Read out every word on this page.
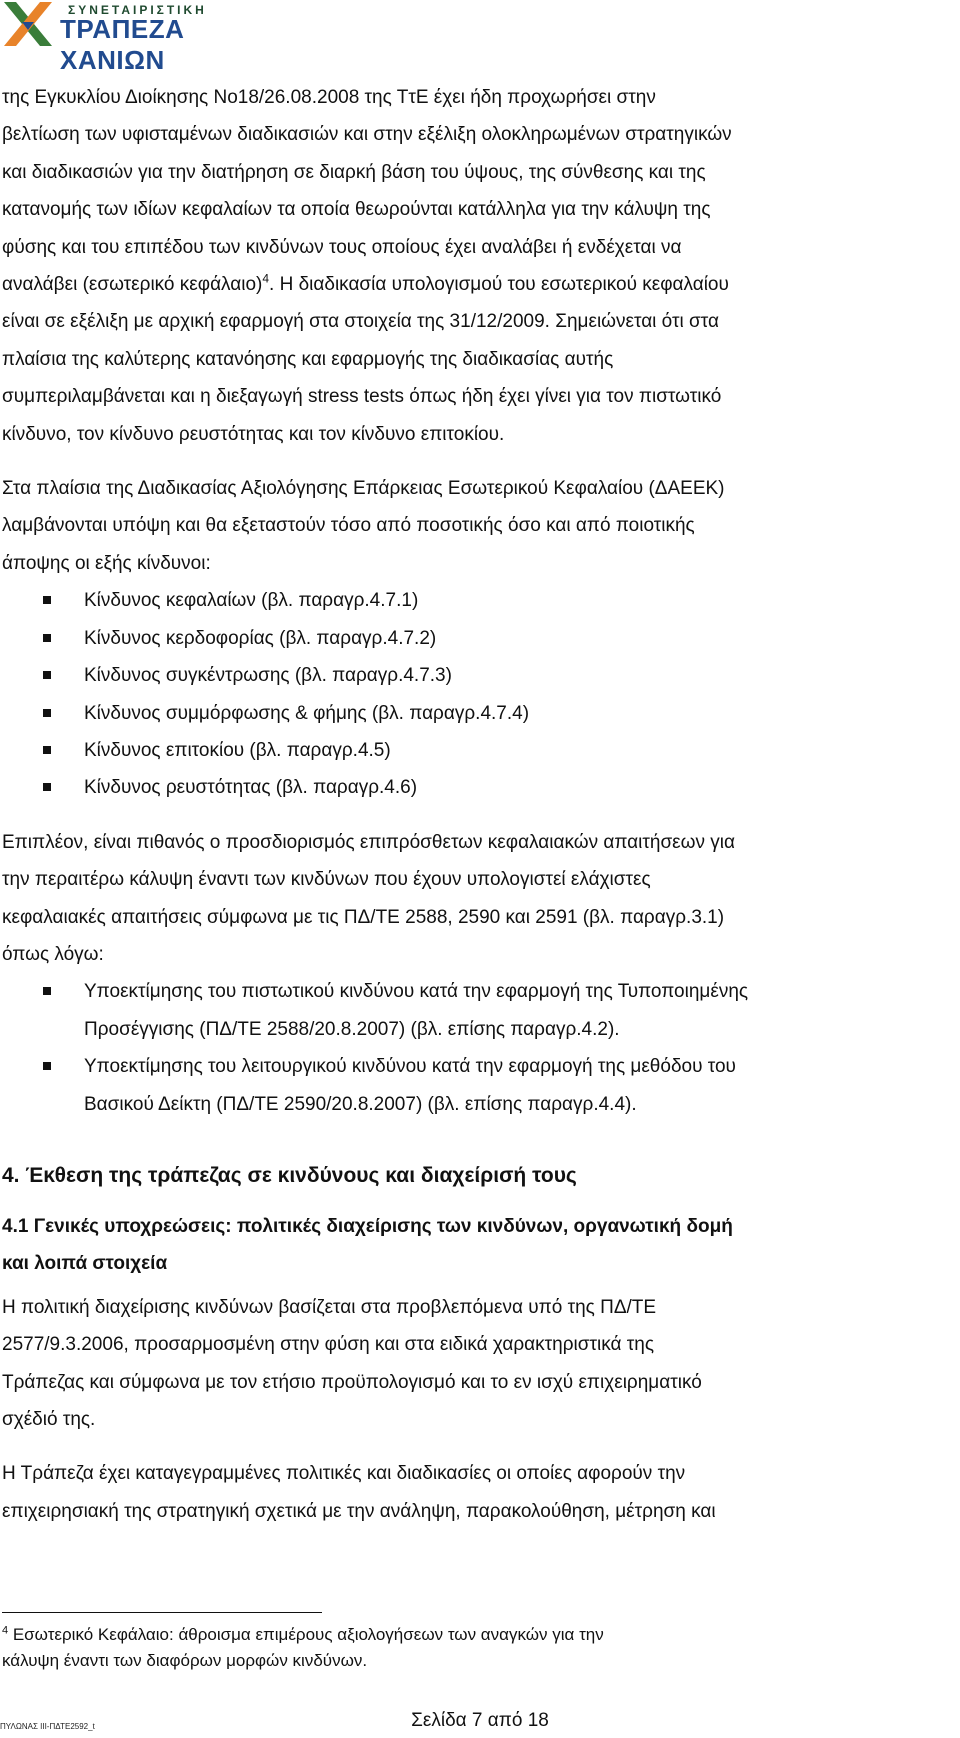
ΣΥΝΕΤΑΙΡΙΣΤΙΚΗ
ΤΡΑΠΕΖΑ ΧΑΝΙΩΝ

της Εγκυκλίου Διοίκησης Νο18/26.08.2008 της ΤτΕ έχει ήδη προχωρήσει στην
βελτίωση των υφισταμένων διαδικασιών και στην εξέλιξη ολοκληρωμένων στρατηγικών
και διαδικασιών για την διατήρηση σε διαρκή βάση του ύψους, της σύνθεσης και της
κατανομής των ιδίων κεφαλαίων τα οποία θεωρούνται κατάλληλα για την κάλυψη της
φύσης και του επιπέδου των κινδύνων τους οποίους έχει αναλάβει ή ενδέχεται να
αναλάβει (εσωτερικό κεφάλαιο)$^4$. Η διαδικασία υπολογισμού του εσωτερικού κεφαλαίου
είναι σε εξέλιξη με αρχική εφαρμογή στα στοιχεία της 31/12/2009. Σημειώνεται ότι στα
πλαίσια της καλύτερης κατανόησης και εφαρμογής της διαδικασίας αυτής
συμπεριλαμβάνεται και η διεξαγωγή stress tests όπως ήδη έχει γίνει για τον πιστωτικό
κίνδυνο, τον κίνδυνο ρευστότητας και τον κίνδυνο επιτοκίου.

Στα πλαίσια της Διαδικασίας Αξιολόγησης Επάρκειας Εσωτερικού Κεφαλαίου (ΔΑΕΕΚ)
λαμβάνονται υπόψη και θα εξεταστούν τόσο από ποσοτικής όσο και από ποιοτικής
άποψης οι εξής κίνδυνοι:

Κίνδυνος κεφαλαίων (βλ. παραγρ.4.7.1)
Κίνδυνος κερδοφορίας (βλ. παραγρ.4.7.2)
Κίνδυνος συγκέντρωσης (βλ. παραγρ.4.7.3)
Κίνδυνος συμμόρφωσης & φήμης (βλ. παραγρ.4.7.4)
Κίνδυνος επιτοκίου (βλ. παραγρ.4.5)
Κίνδυνος ρευστότητας (βλ. παραγρ.4.6)

Επιπλέον, είναι πιθανός ο προσδιορισμός επιπρόσθετων κεφαλαιακών απαιτήσεων για
την περαιτέρω κάλυψη έναντι των κινδύνων που έχουν υπολογιστεί ελάχιστες
κεφαλαιακές απαιτήσεις σύμφωνα με τις ΠΔ/ΤΕ 2588, 2590 και 2591 (βλ. παραγρ.3.1)
όπως λόγω:

Υποεκτίμησης του πιστωτικού κινδύνου κατά την εφαρμογή της Τυποποιημένης
Προσέγγισης (ΠΔ/ΤΕ 2588/20.8.2007) (βλ. επίσης παραγρ.4.2).
Υποεκτίμησης του λειτουργικού κινδύνου κατά την εφαρμογή της μεθόδου του
Βασικού Δείκτη (ΠΔ/ΤΕ 2590/20.8.2007) (βλ. επίσης παραγρ.4.4).
4. Έκθεση της τράπεζας σε κινδύνους και διαχείρισή τους
4.1 Γενικές υποχρεώσεις: πολιτικές διαχείρισης των κινδύνων, οργανωτική δομή
και λοιπά στοιχεία

Η πολιτική διαχείρισης κινδύνων βασίζεται στα προβλεπόμενα υπό της ΠΔ/ΤΕ
2577/9.3.2006, προσαρμοσμένη στην φύση και στα ειδικά χαρακτηριστικά της
Τράπεζας και σύμφωνα με τον ετήσιο προϋπολογισμό και το εν ισχύ επιχειρηματικό
σχέδιό της.

Η Τράπεζα έχει καταγεγραμμένες πολιτικές και διαδικασίες οι οποίες αφορούν την
επιχειρησιακή της στρατηγική σχετικά με την ανάληψη, παρακολούθηση, μέτρηση και

$^4$ Εσωτερικό Κεφάλαιο: άθροισμα επιμέρους αξιολογήσεων των αναγκών για την
κάλυψη έναντι των διαφόρων μορφών κινδύνων.
Σελίδα 7 από 18
ΠΥΛΩΝΑΣ ΙΙΙ-ΠΔΤΕ2592_t
